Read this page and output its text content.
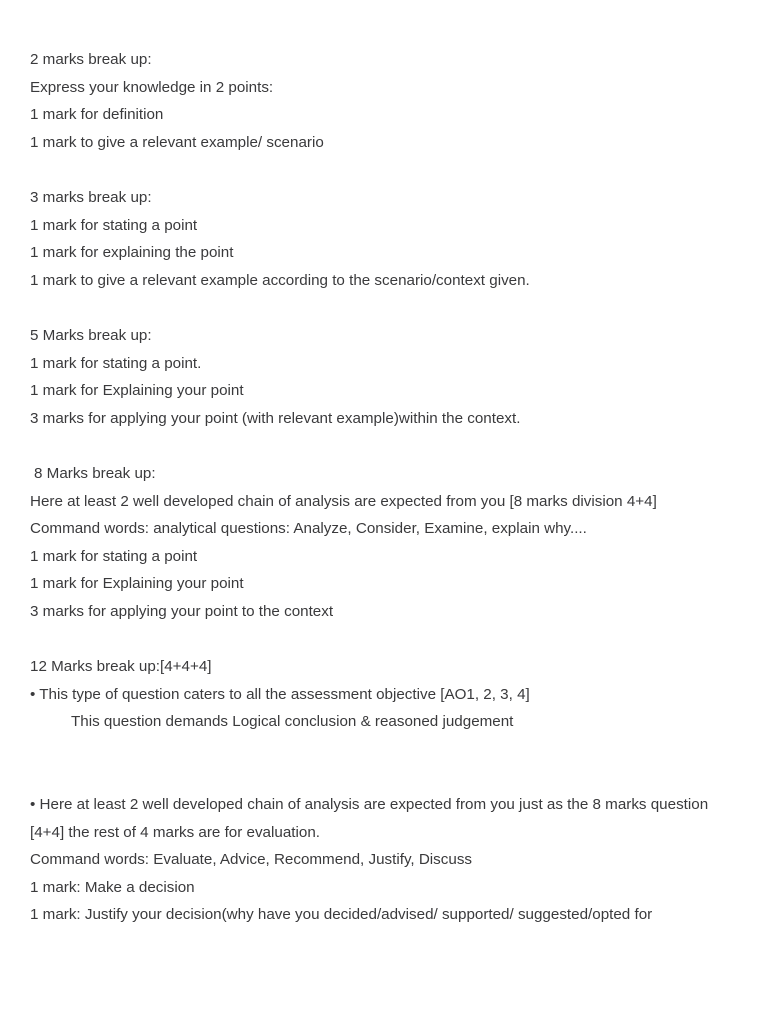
2 marks break up:

Express your knowledge in 2 points:

1 mark for definition

1 mark to give a relevant example/ scenario

3 marks break up:

1 mark for stating a point

1 mark for explaining the point

1 mark to give a relevant example according to the scenario/context given.

5 Marks break up:

1 mark for stating a point.

1 mark for Explaining your point

3 marks for applying your point (with relevant example)within the context.

8 Marks break up:

Here at least 2 well developed chain of analysis are expected from you [8 marks division 4+4]

Command words: analytical questions: Analyze, Consider, Examine, explain why....

1 mark for stating a point

1 mark for Explaining your point

3 marks for applying your point to the context

12 Marks break up:[4+4+4]

• This type of question caters to all the assessment objective [AO1, 2, 3, 4]

This question demands Logical conclusion & reasoned judgement

• Here at least 2 well developed chain of analysis are expected from you just as the 8 marks question [4+4] the rest of 4 marks are for evaluation.

Command words: Evaluate, Advice, Recommend, Justify, Discuss

1 mark: Make a decision

1 mark: Justify your decision(why have you decided/advised/ supported/ suggested/opted for
